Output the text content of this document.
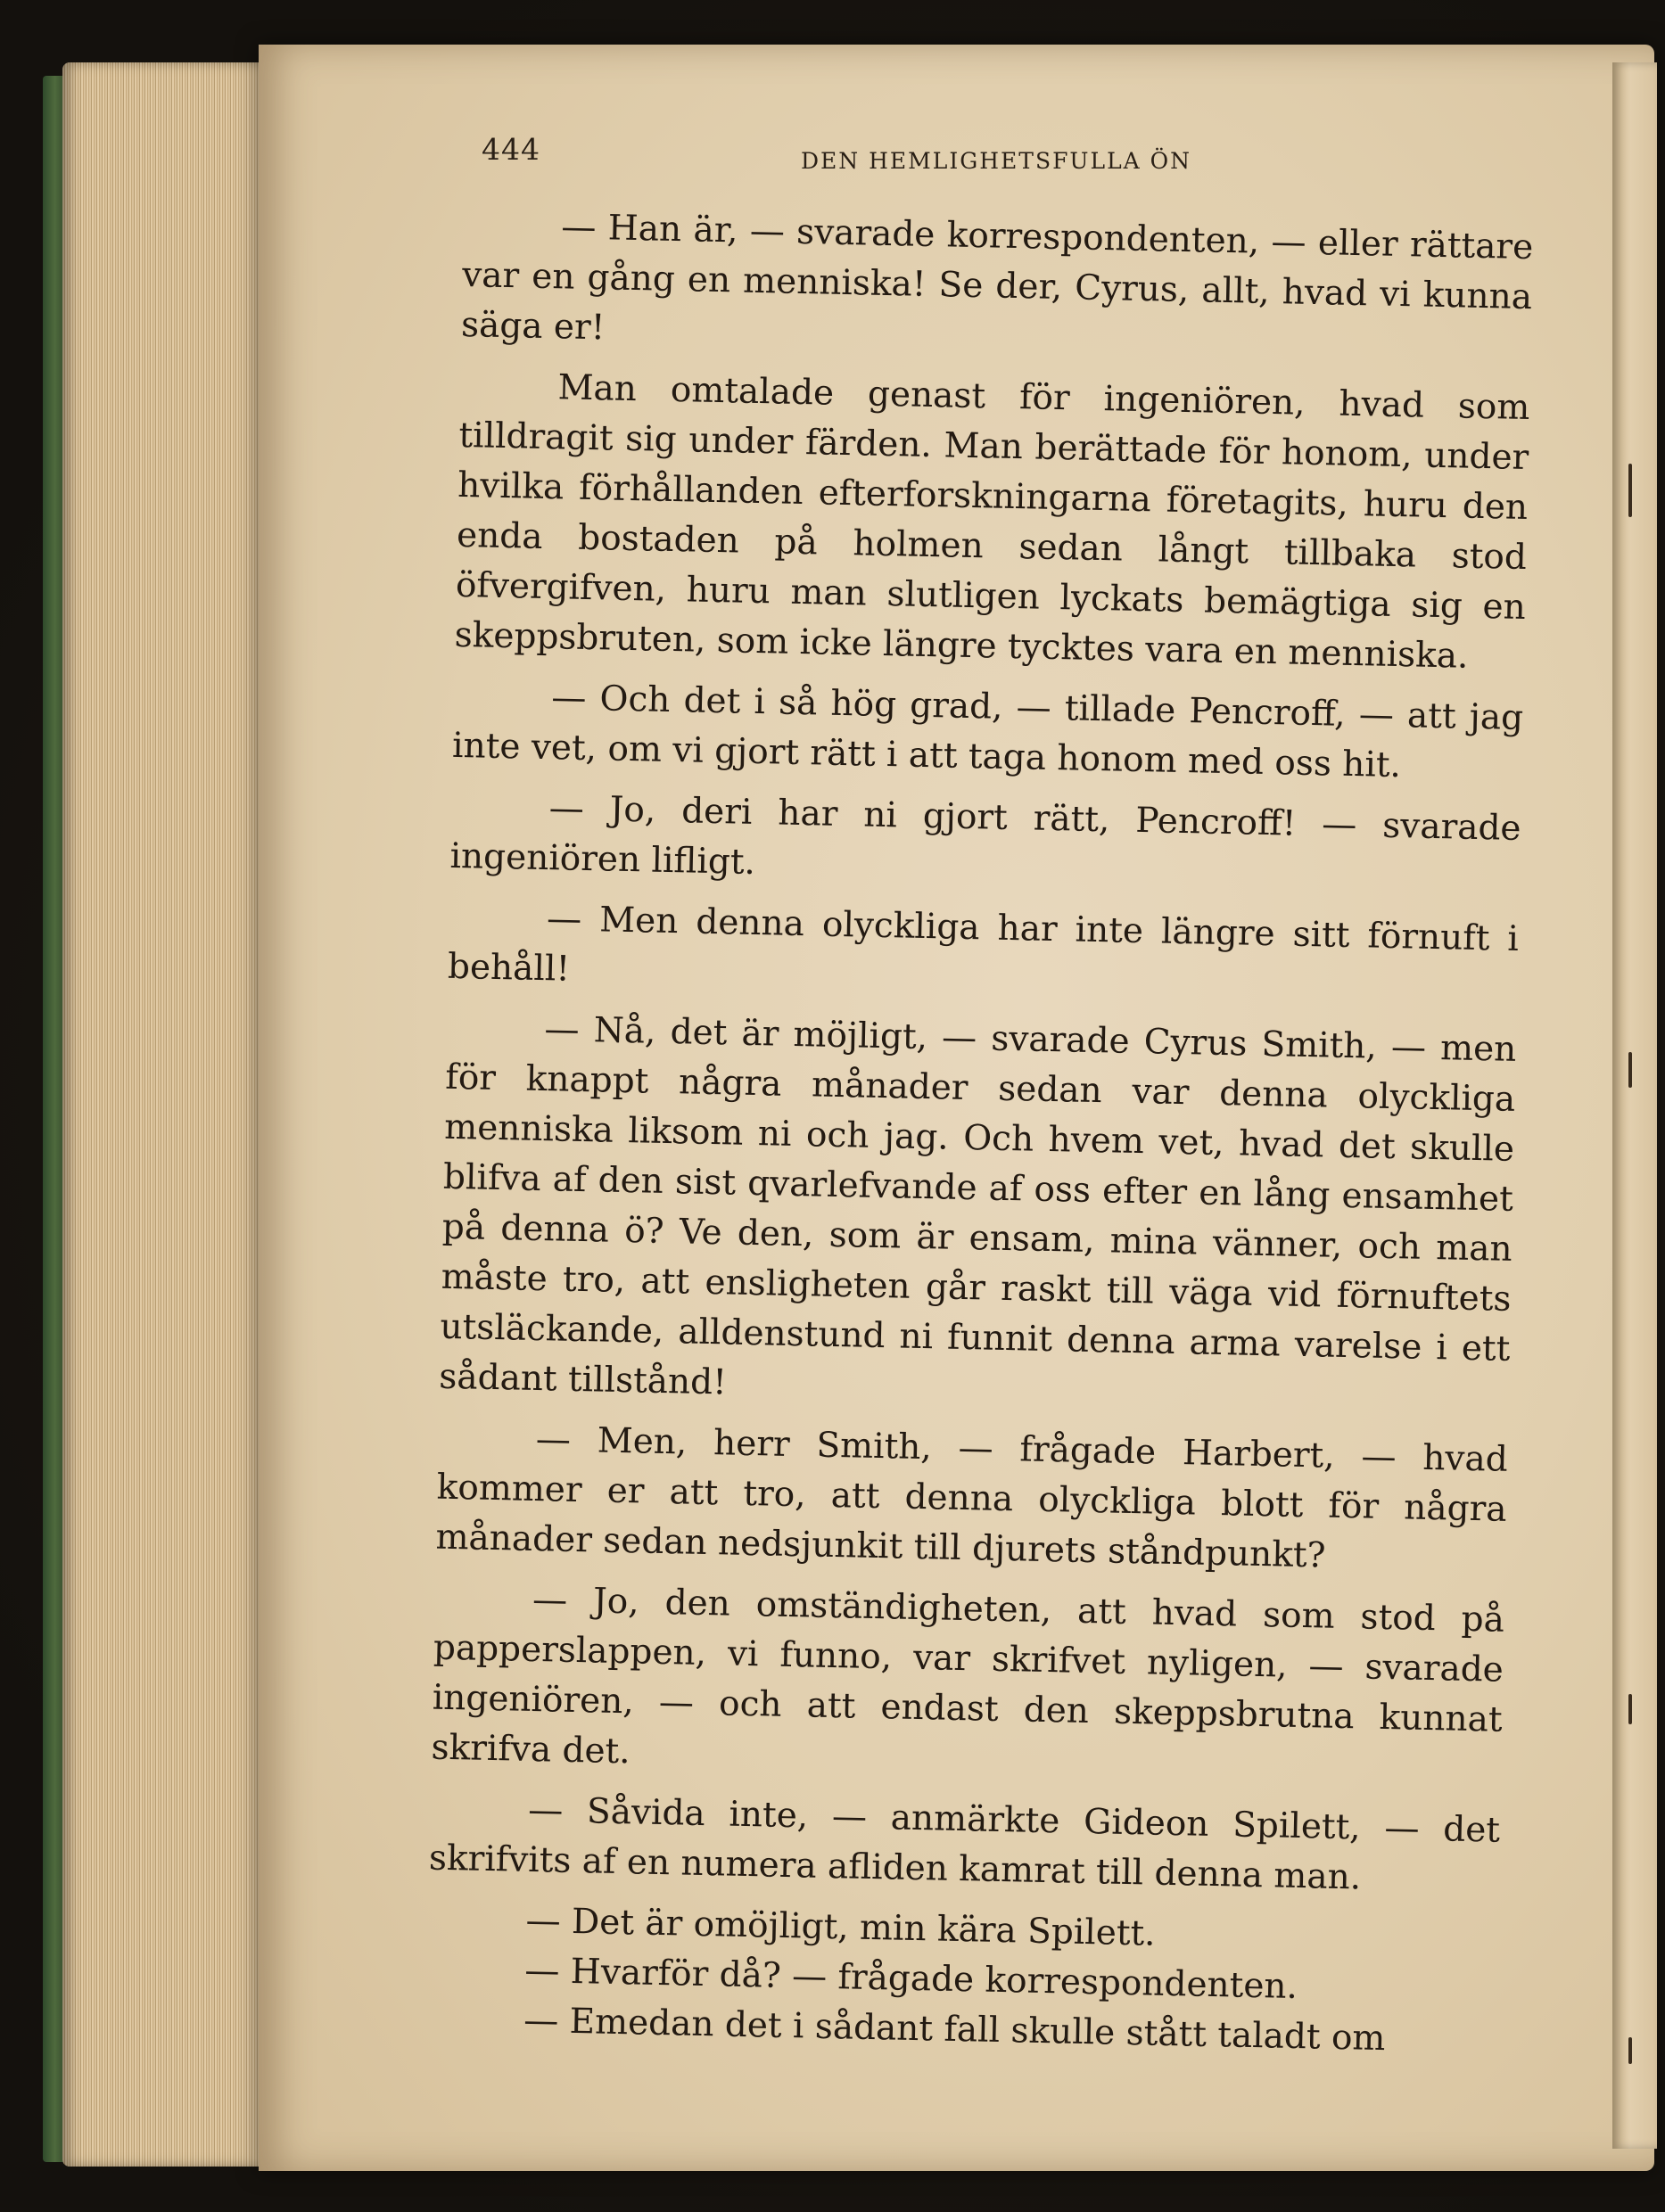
444	DEN HEMLIGHETSFULLA ÖN

— Han är, — svarade korrespondenten, — eller rättare var en gång en menniska! Se der, Cyrus, allt, hvad vi kunna säga er!

Man omtalade genast för ingeniören, hvad som tilldragit sig under färden. Man berättade för honom, under hvilka förhållanden efterforskningarna företagits, huru den enda bostaden på holmen sedan långt tillbaka stod öfvergifven, huru man slutligen lyckats bemägtiga sig en skeppsbruten, som icke längre tycktes vara en menniska.

— Och det i så hög grad, — tillade Pencroff, — att jag inte vet, om vi gjort rätt i att taga honom med oss hit.

— Jo, deri har ni gjort rätt, Pencroff! — svarade ingeniören lifligt.

— Men denna olyckliga har inte längre sitt förnuft i behåll!

— Nå, det är möjligt, — svarade Cyrus Smith, — men för knappt några månader sedan var denna olyckliga menniska liksom ni och jag. Och hvem vet, hvad det skulle blifva af den sist qvarlefvande af oss efter en lång ensamhet på denna ö? Ve den, som är ensam, mina vänner, och man måste tro, att ensligheten går raskt till väga vid förnuftets utsläckande, alldenstund ni funnit denna arma varelse i ett sådant tillstånd!

— Men, herr Smith, — frågade Harbert, — hvad kommer er att tro, att denna olyckliga blott för några månader sedan nedsjunkit till djurets ståndpunkt?

— Jo, den omständigheten, att hvad som stod på papperslappen, vi funno, var skrifvet nyligen, — svarade ingeniören, — och att endast den skeppsbrutna kunnat skrifva det.

— Såvida inte, — anmärkte Gideon Spilett, — det skrifvits af en numera afliden kamrat till denna man.

— Det är omöjligt, min kära Spilett.

— Hvarför då? — frågade korrespondenten.

— Emedan det i sådant fall skulle stått taladt om
